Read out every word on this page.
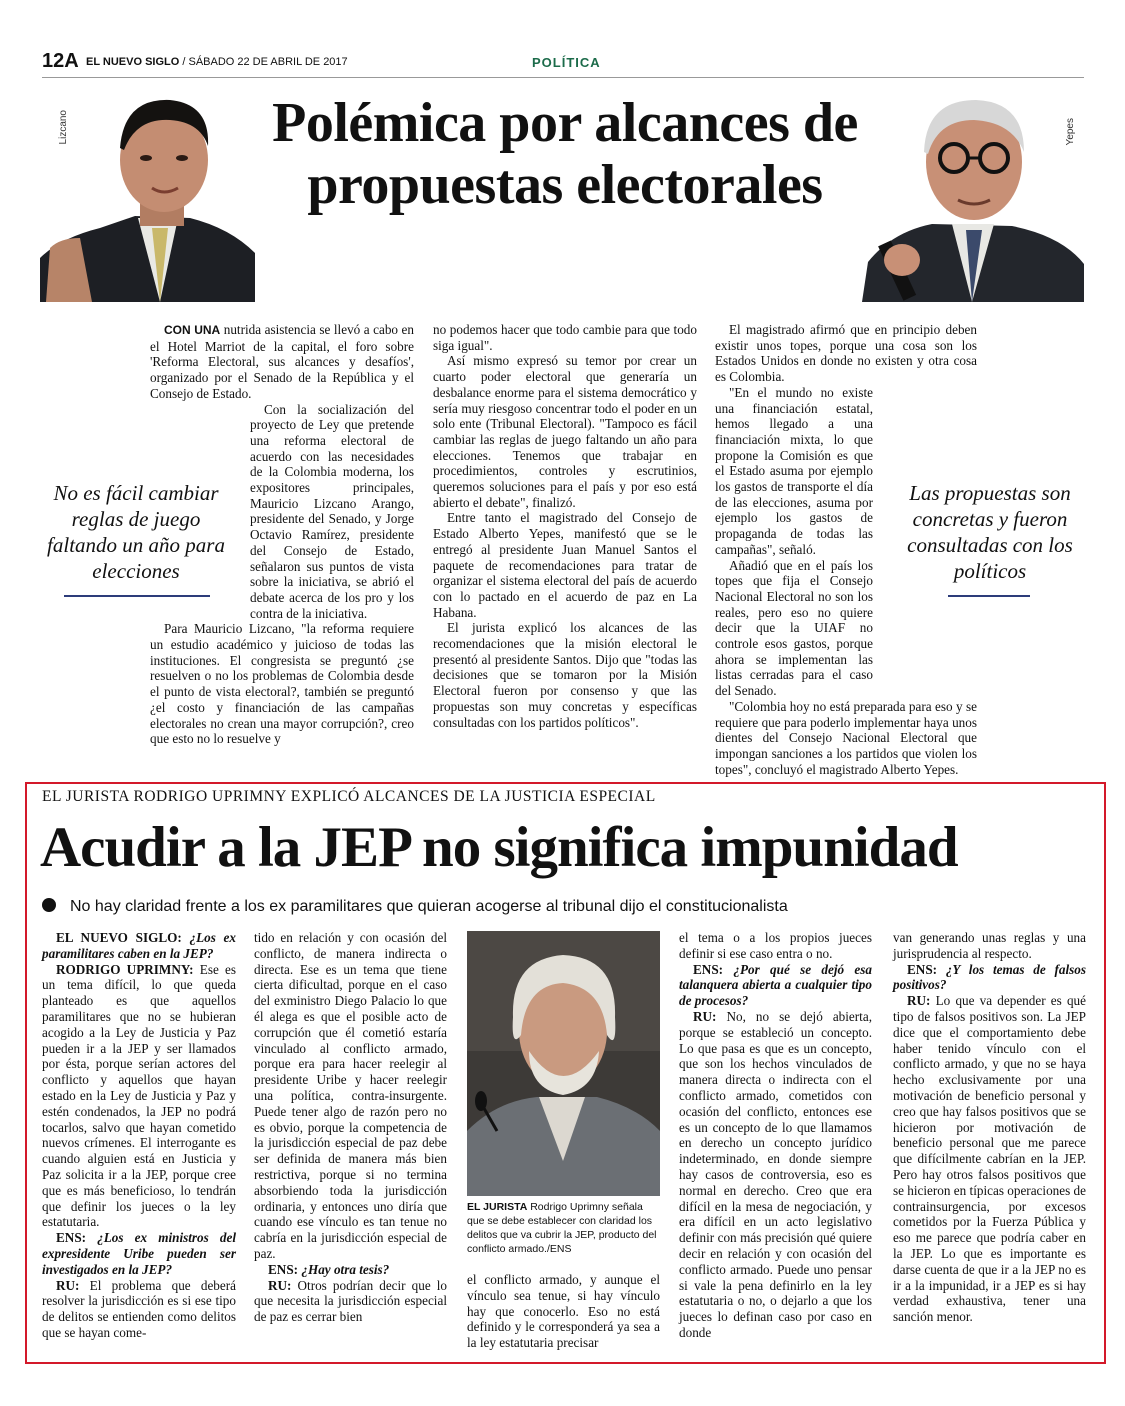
12A EL NUEVO SIGLO / SÁBADO 22 DE ABRIL DE 2017	POLÍTICA
Lizcano	Polémica por alcances de propuestas electorales
Yepes

CON UNA nutrida asistencia se llevó a cabo en el Hotel Marriot de la capital, el foro sobre 'Reforma Electoral, sus alcances y desafíos', organizado por el Senado de la República y el Consejo de Estado.

Con la socialización del proyecto de Ley que pretende una reforma electoral de acuerdo con las necesidades de la Colombia moderna, los expositores principales, Mauricio Lizcano Arango, presidente del Senado, y Jorge Octavio Ramírez, presidente del Consejo de Estado, señalaron sus puntos de vista sobre la iniciativa, se abrió el debate acerca de los pro y los contra de la iniciativa.

Para Mauricio Lizcano, "la reforma requiere un estudio académico y juicioso de todas las instituciones. El congresista se preguntó ¿se resuelven o no los problemas de Colombia desde el punto de vista electoral?, también se preguntó ¿el costo y financiación de las campañas electorales no crean una mayor corrupción?, creo que esto no lo resuelve y

No es fácil cambiar reglas de juego faltando un año para elecciones

no podemos hacer que todo cambie para que todo siga igual".

Así mismo expresó su temor por crear un cuarto poder electoral que generaría un desbalance enorme para el sistema democrático y sería muy riesgoso concentrar todo el poder en un solo ente (Tribunal Electoral). "Tampoco es fácil cambiar las reglas de juego faltando un año para elecciones. Tenemos que trabajar en procedimientos, controles y escrutinios, queremos soluciones para el país y por eso está abierto el debate", finalizó.

Entre tanto el magistrado del Consejo de Estado Alberto Yepes, manifestó que se le entregó al presidente Juan Manuel Santos el paquete de recomendaciones para tratar de organizar el sistema electoral del país de acuerdo con lo pactado en el acuerdo de paz en La Habana.

El jurista explicó los alcances de las recomendaciones que la misión electoral le presentó al presidente Santos. Dijo que "todas las decisiones que se tomaron por la Misión Electoral fueron por consenso y que las propuestas son muy concretas y específicas consultadas con los partidos políticos".

El magistrado afirmó que en principio deben existir unos topes, porque una cosa son los Estados Unidos en donde no existen y otra cosa es Colombia.

"En el mundo no existe una financiación estatal, hemos llegado a una financiación mixta, lo que propone la Comisión es que el Estado asuma por ejemplo los gastos de transporte el día de las elecciones, asuma por ejemplo los gastos de propaganda de todas las campañas", señaló.

Añadió que en el país los topes que fija el Consejo Nacional Electoral no son los reales, pero eso no quiere decir que la UIAF no controle esos gastos, porque ahora se implementan las listas cerradas para el caso del Senado.

"Colombia hoy no está preparada para eso y se requiere que para poderlo implementar haya unos dientes del Consejo Nacional Electoral que impongan sanciones a los partidos que violen los topes", concluyó el magistrado Alberto Yepes.

Las propuestas son concretas y fueron consultadas con los políticos
EL JURISTA RODRIGO UPRIMNY EXPLICÓ ALCANCES DE LA JUSTICIA ESPECIAL
Acudir a la JEP no significa impunidad
No hay claridad frente a los ex paramilitares que quieran acogerse al tribunal dijo el constitucionalista

EL NUEVO SIGLO: ¿Los ex paramilitares caben en la JEP?

RODRIGO UPRIMNY: Ese es un tema difícil, lo que queda planteado es que aquellos paramilitares que no se hubieran acogido a la Ley de Justicia y Paz pueden ir a la JEP y ser llamados por ésta, porque serían actores del conflicto y aquellos que hayan estado en la Ley de Justicia y Paz y estén condenados, la JEP no podrá tocarlos, salvo que hayan cometido nuevos crímenes. El interrogante es cuando alguien está en Justicia y Paz solicita ir a la JEP, porque cree que es más beneficioso, lo tendrán que definir los jueces o la ley estatutaria.

ENS: ¿Los ex ministros del expresidente Uribe pueden ser investigados en la JEP?

RU: El problema que deberá resolver la jurisdicción es si ese tipo de delitos se entienden como delitos que se hayan come-

tido en relación y con ocasión del conflicto, de manera indirecta o directa. Ese es un tema que tiene cierta dificultad, porque en el caso del exministro Diego Palacio lo que él alega es que el posible acto de corrupción que él cometió estaría vinculado al conflicto armado, porque era para hacer reelegir al presidente Uribe y hacer reelegir una política, contra-insurgente. Puede tener algo de razón pero no es obvio, porque la competencia de la jurisdicción especial de paz debe ser definida de manera más bien restrictiva, porque si no termina absorbiendo toda la jurisdicción ordinaria, y entonces uno diría que cuando ese vínculo es tan tenue no cabría en la jurisdicción especial de paz.

ENS: ¿Hay otra tesis?

RU: Otros podrían decir que lo que necesita la jurisdicción especial de paz es cerrar bien

EL JURISTA Rodrigo Uprimny señala que se debe establecer con claridad los delitos que va cubrir la JEP, producto del conflicto armado./ENS

el conflicto armado, y aunque el vínculo sea tenue, si hay vínculo hay que conocerlo. Eso no está definido y le corresponderá ya sea a la ley estatutaria precisar

el tema o a los propios jueces definir si ese caso entra o no.

ENS: ¿Por qué se dejó esa talanquera abierta a cualquier tipo de procesos?

RU: No, no se dejó abierta, porque se estableció un concepto. Lo que pasa es que es un concepto, que son los hechos vinculados de manera directa o indirecta con el conflicto armado, cometidos con ocasión del conflicto, entonces ese es un concepto de lo que llamamos en derecho un concepto jurídico indeterminado, en donde siempre hay casos de controversia, eso es normal en derecho. Creo que era difícil en la mesa de negociación, y era difícil en un acto legislativo definir con más precisión qué quiere decir en relación y con ocasión del conflicto armado. Puede uno pensar si vale la pena definirlo en la ley estatutaria o no, o dejarlo a que los jueces lo definan caso por caso en donde

van generando unas reglas y una jurisprudencia al respecto.

ENS: ¿Y los temas de falsos positivos?

RU: Lo que va depender es qué tipo de falsos positivos son. La JEP dice que el comportamiento debe haber tenido vínculo con el conflicto armado, y que no se haya hecho exclusivamente por una motivación de beneficio personal y creo que hay falsos positivos que se hicieron por motivación de beneficio personal que me parece que difícilmente cabrían en la JEP. Pero hay otros falsos positivos que se hicieron en típicas operaciones de contrainsurgencia, por excesos cometidos por la Fuerza Pública y eso me parece que podría caber en la JEP. Lo que es importante es darse cuenta de que ir a la JEP no es ir a la impunidad, ir a JEP es si hay verdad exhaustiva, tener una sanción menor.
